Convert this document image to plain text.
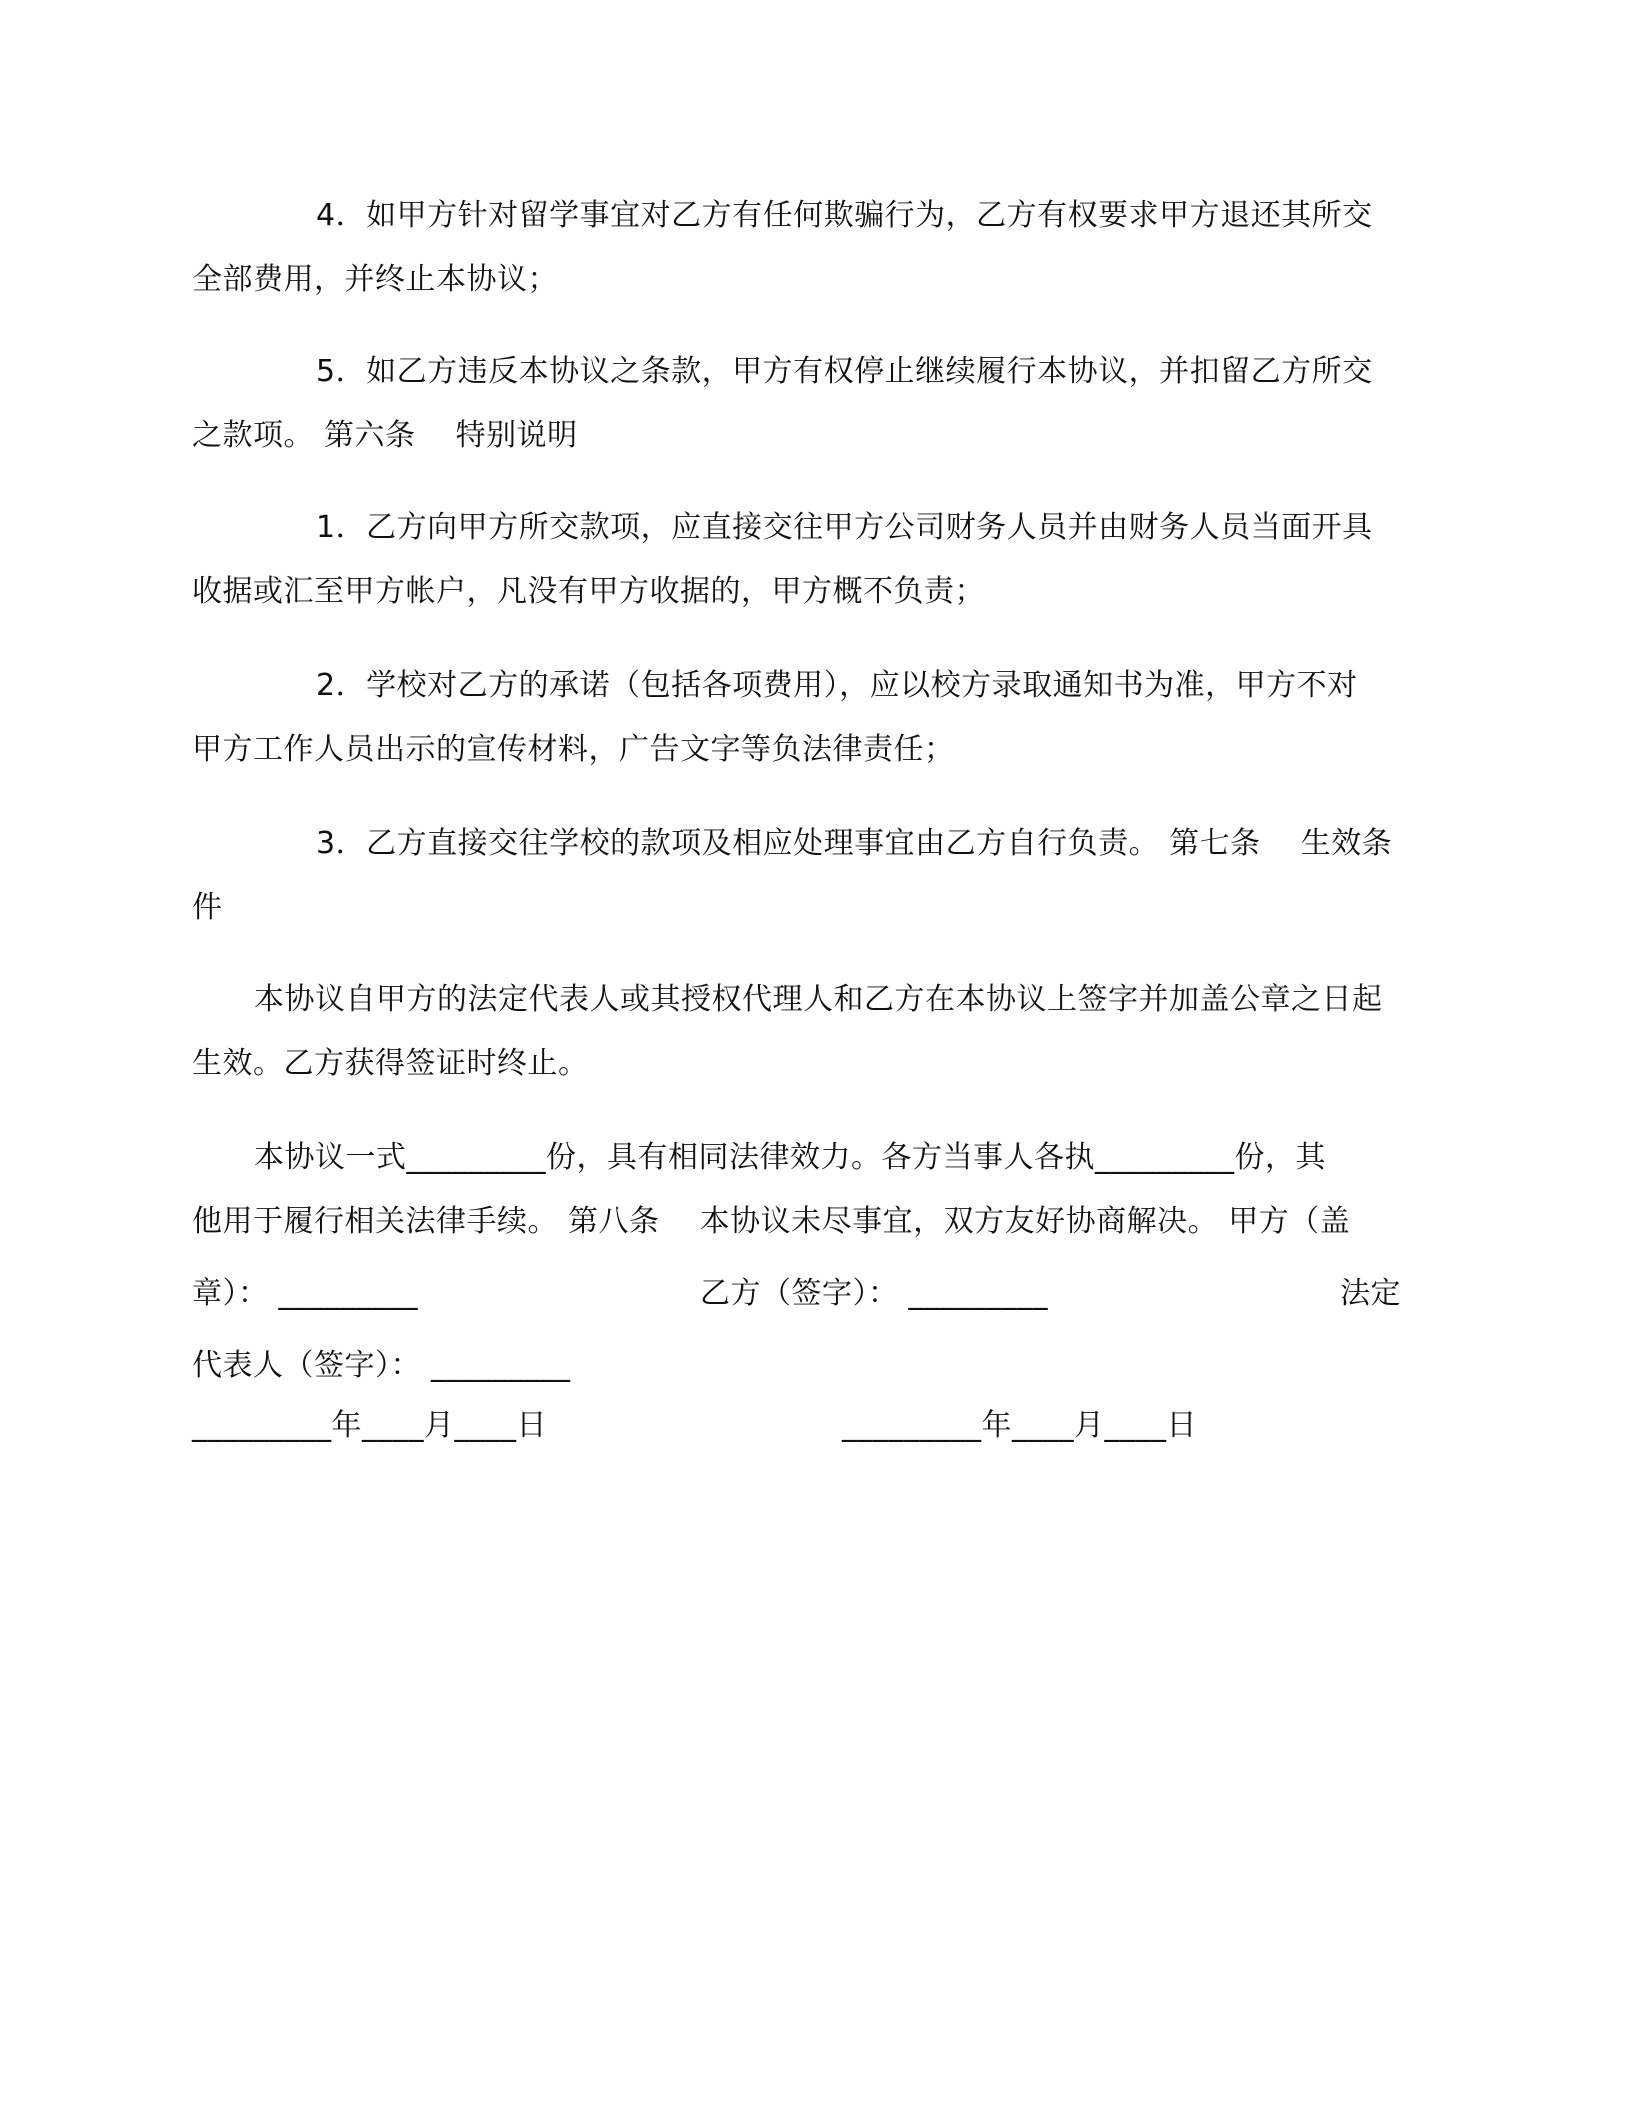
4．如甲方针对留学事宜对乙方有任何欺骗行为，乙方有权要求甲方退还其所交
全部费用，并终止本协议；
5．如乙方违反本协议之条款，甲方有权停止继续履行本协议，并扣留乙方所交
之款项。 第六条    特别说明
1．乙方向甲方所交款项，应直接交往甲方公司财务人员并由财务人员当面开具
收据或汇至甲方帐户，凡没有甲方收据的，甲方概不负责；
2．学校对乙方的承诺（包括各项费用），应以校方录取通知书为准，甲方不对
甲方工作人员出示的宣传材料，广告文字等负法律责任；
3．乙方直接交往学校的款项及相应处理事宜由乙方自行负责。 第七条    生效条
件
本协议自甲方的法定代表人或其授权代理人和乙方在本协议上签字并加盖公章之日起
生效。乙方获得签证时终止。
本协议一式_________份，具有相同法律效力。各方当事人各执_________份，其
他用于履行相关法律手续。 第八条    本协议未尽事宜，双方友好协商解决。 甲方（盖
章）： _________	乙方（签字）： _________	法定
代表人（签字）： _________
_________年____月____日	_________年____月____日
